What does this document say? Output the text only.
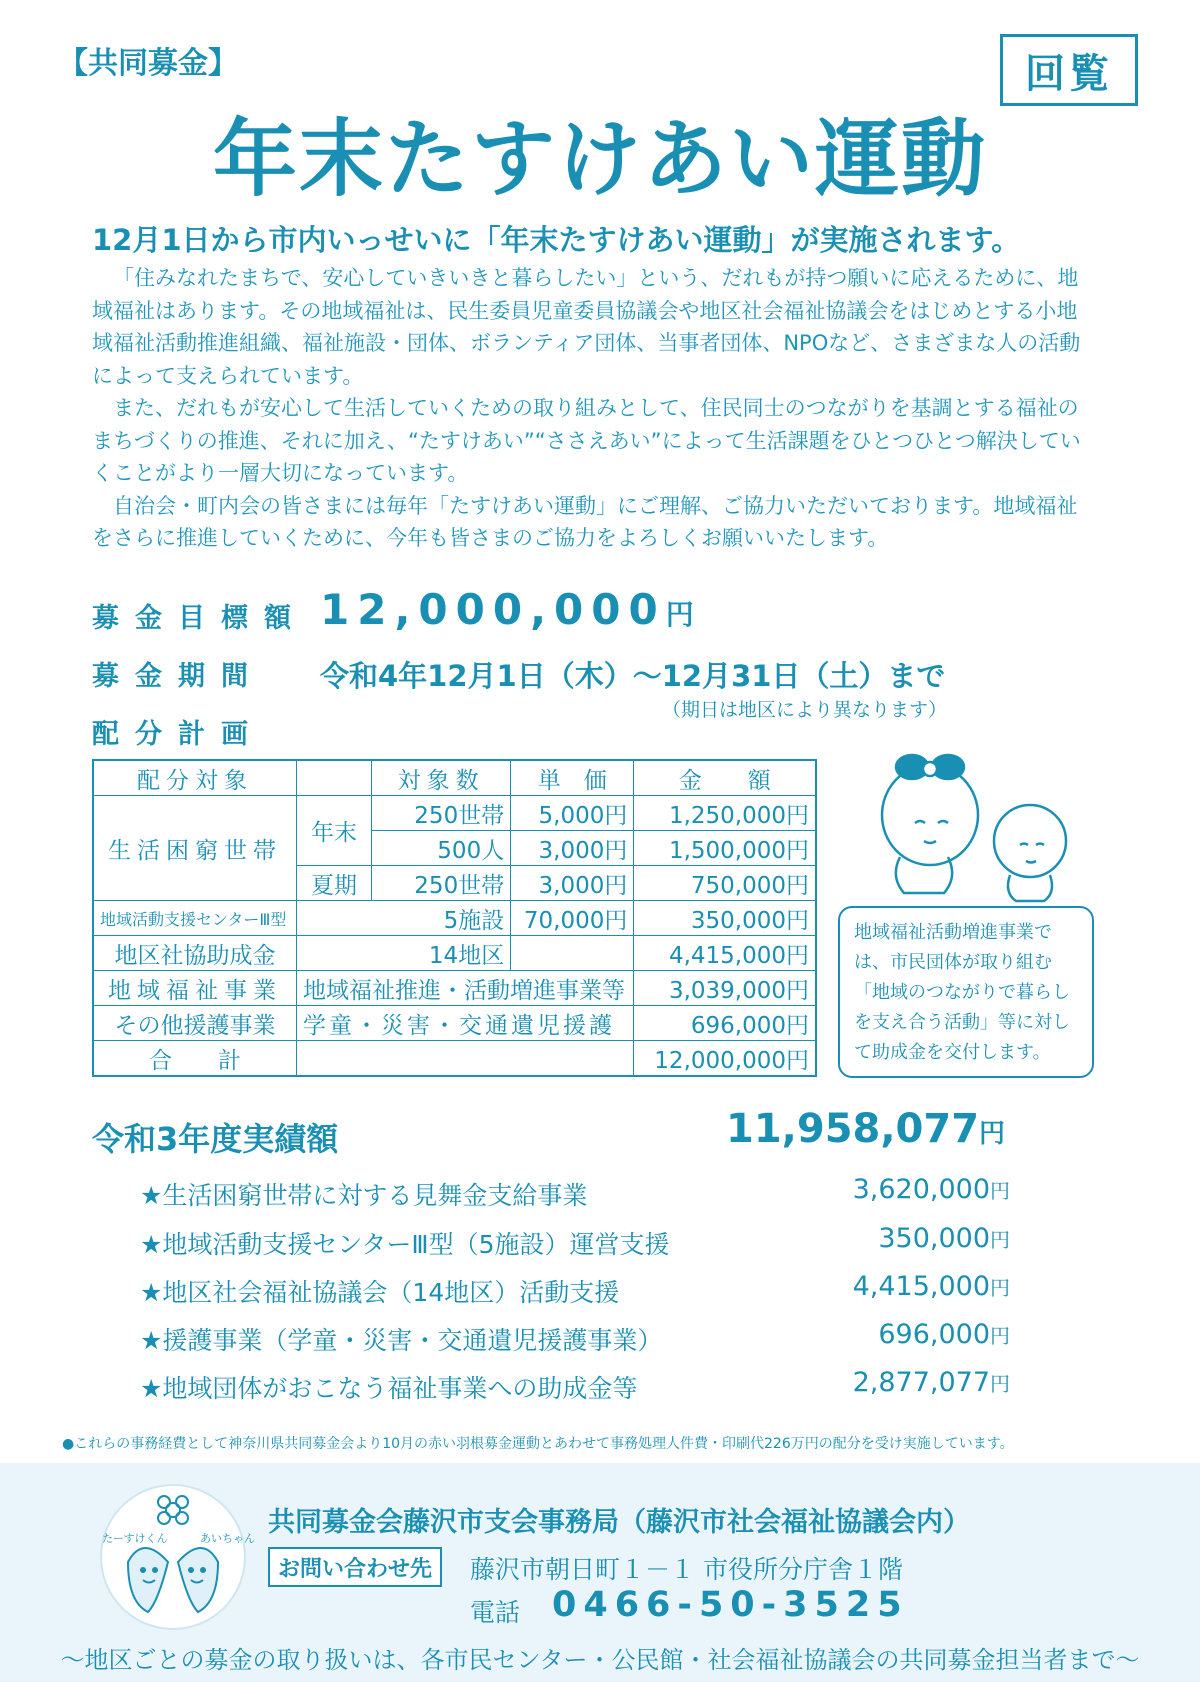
【共同募金】	回覧
年末たすけあい運動
12月1日から市内いっせいに「年末たすけあい運動」が実施されます。

「住みなれたまちで、安心していきいきと暮らしたい」という、だれもが持つ願いに応えるために、地域福祉はあります。その地域福祉は、民生委員児童委員協議会や地区社会福祉協議会をはじめとする小地域福祉活動推進組織、福祉施設・団体、ボランティア団体、当事者団体、NPOなど、さまざまな人の活動によって支えられています。

また、だれもが安心して生活していくための取り組みとして、住民同士のつながりを基調とする福祉のまちづくりの推進、それに加え、“たすけあい”“ささえあい”によって生活課題をひとつひとつ解決していくことがより一層大切になっています。

自治会・町内会の皆さまには毎年「たすけあい運動」にご理解、ご協力いただいております。地域福祉をさらに推進していくために、今年も皆さまのご協力をよろしくお願いいたします。

募金目標額 12,000,000円
募金期間 令和4年12月1日（木）～12月31日（土）まで
（期日は地区により異なります）
配分計画
配分対象		対象数	単　価	金　　額
生活困窮世帯	年末	250世帯	5,000円	1,250,000円
		500人	3,000円	1,500,000円
	夏期	250世帯	3,000円	750,000円
地域活動支援センターⅢ型	5施設		70,000円	350,000円
地区社協助成金	14地区			4,415,000円
地域福祉事業	地域福祉推進・活動増進事業等			3,039,000円
その他援護事業	学童・災害・交通遺児援護			696,000円
合　　計				12,000,000円
地域福祉活動増進事業では、市民団体が取り組む「地域のつながりで暮らしを支え合う活動」等に対して助成金を交付します。
令和3年度実績額	11,958,077円
★生活困窮世帯に対する見舞金支給事業	3,620,000円
★地域活動支援センターⅢ型（5施設）運営支援	350,000円
★地区社会福祉協議会（14地区）活動支援	4,415,000円
★援護事業（学童・災害・交通遺児援護事業）	696,000円
★地域団体がおこなう福祉事業への助成金等	2,877,077円
●これらの事務経費として神奈川県共同募金会より10月の赤い羽根募金運動とあわせて事務処理人件費・印刷代226万円の配分を受け実施しています。
たーすけくん	あいちゃん
共同募金会藤沢市支会事務局（藤沢市社会福祉協議会内）
お問い合わせ先	藤沢市朝日町１－１ 市役所分庁舎１階
電話 0466-50-3525
～地区ごとの募金の取り扱いは、各市民センター・公民館・社会福祉協議会の共同募金担当者まで～
